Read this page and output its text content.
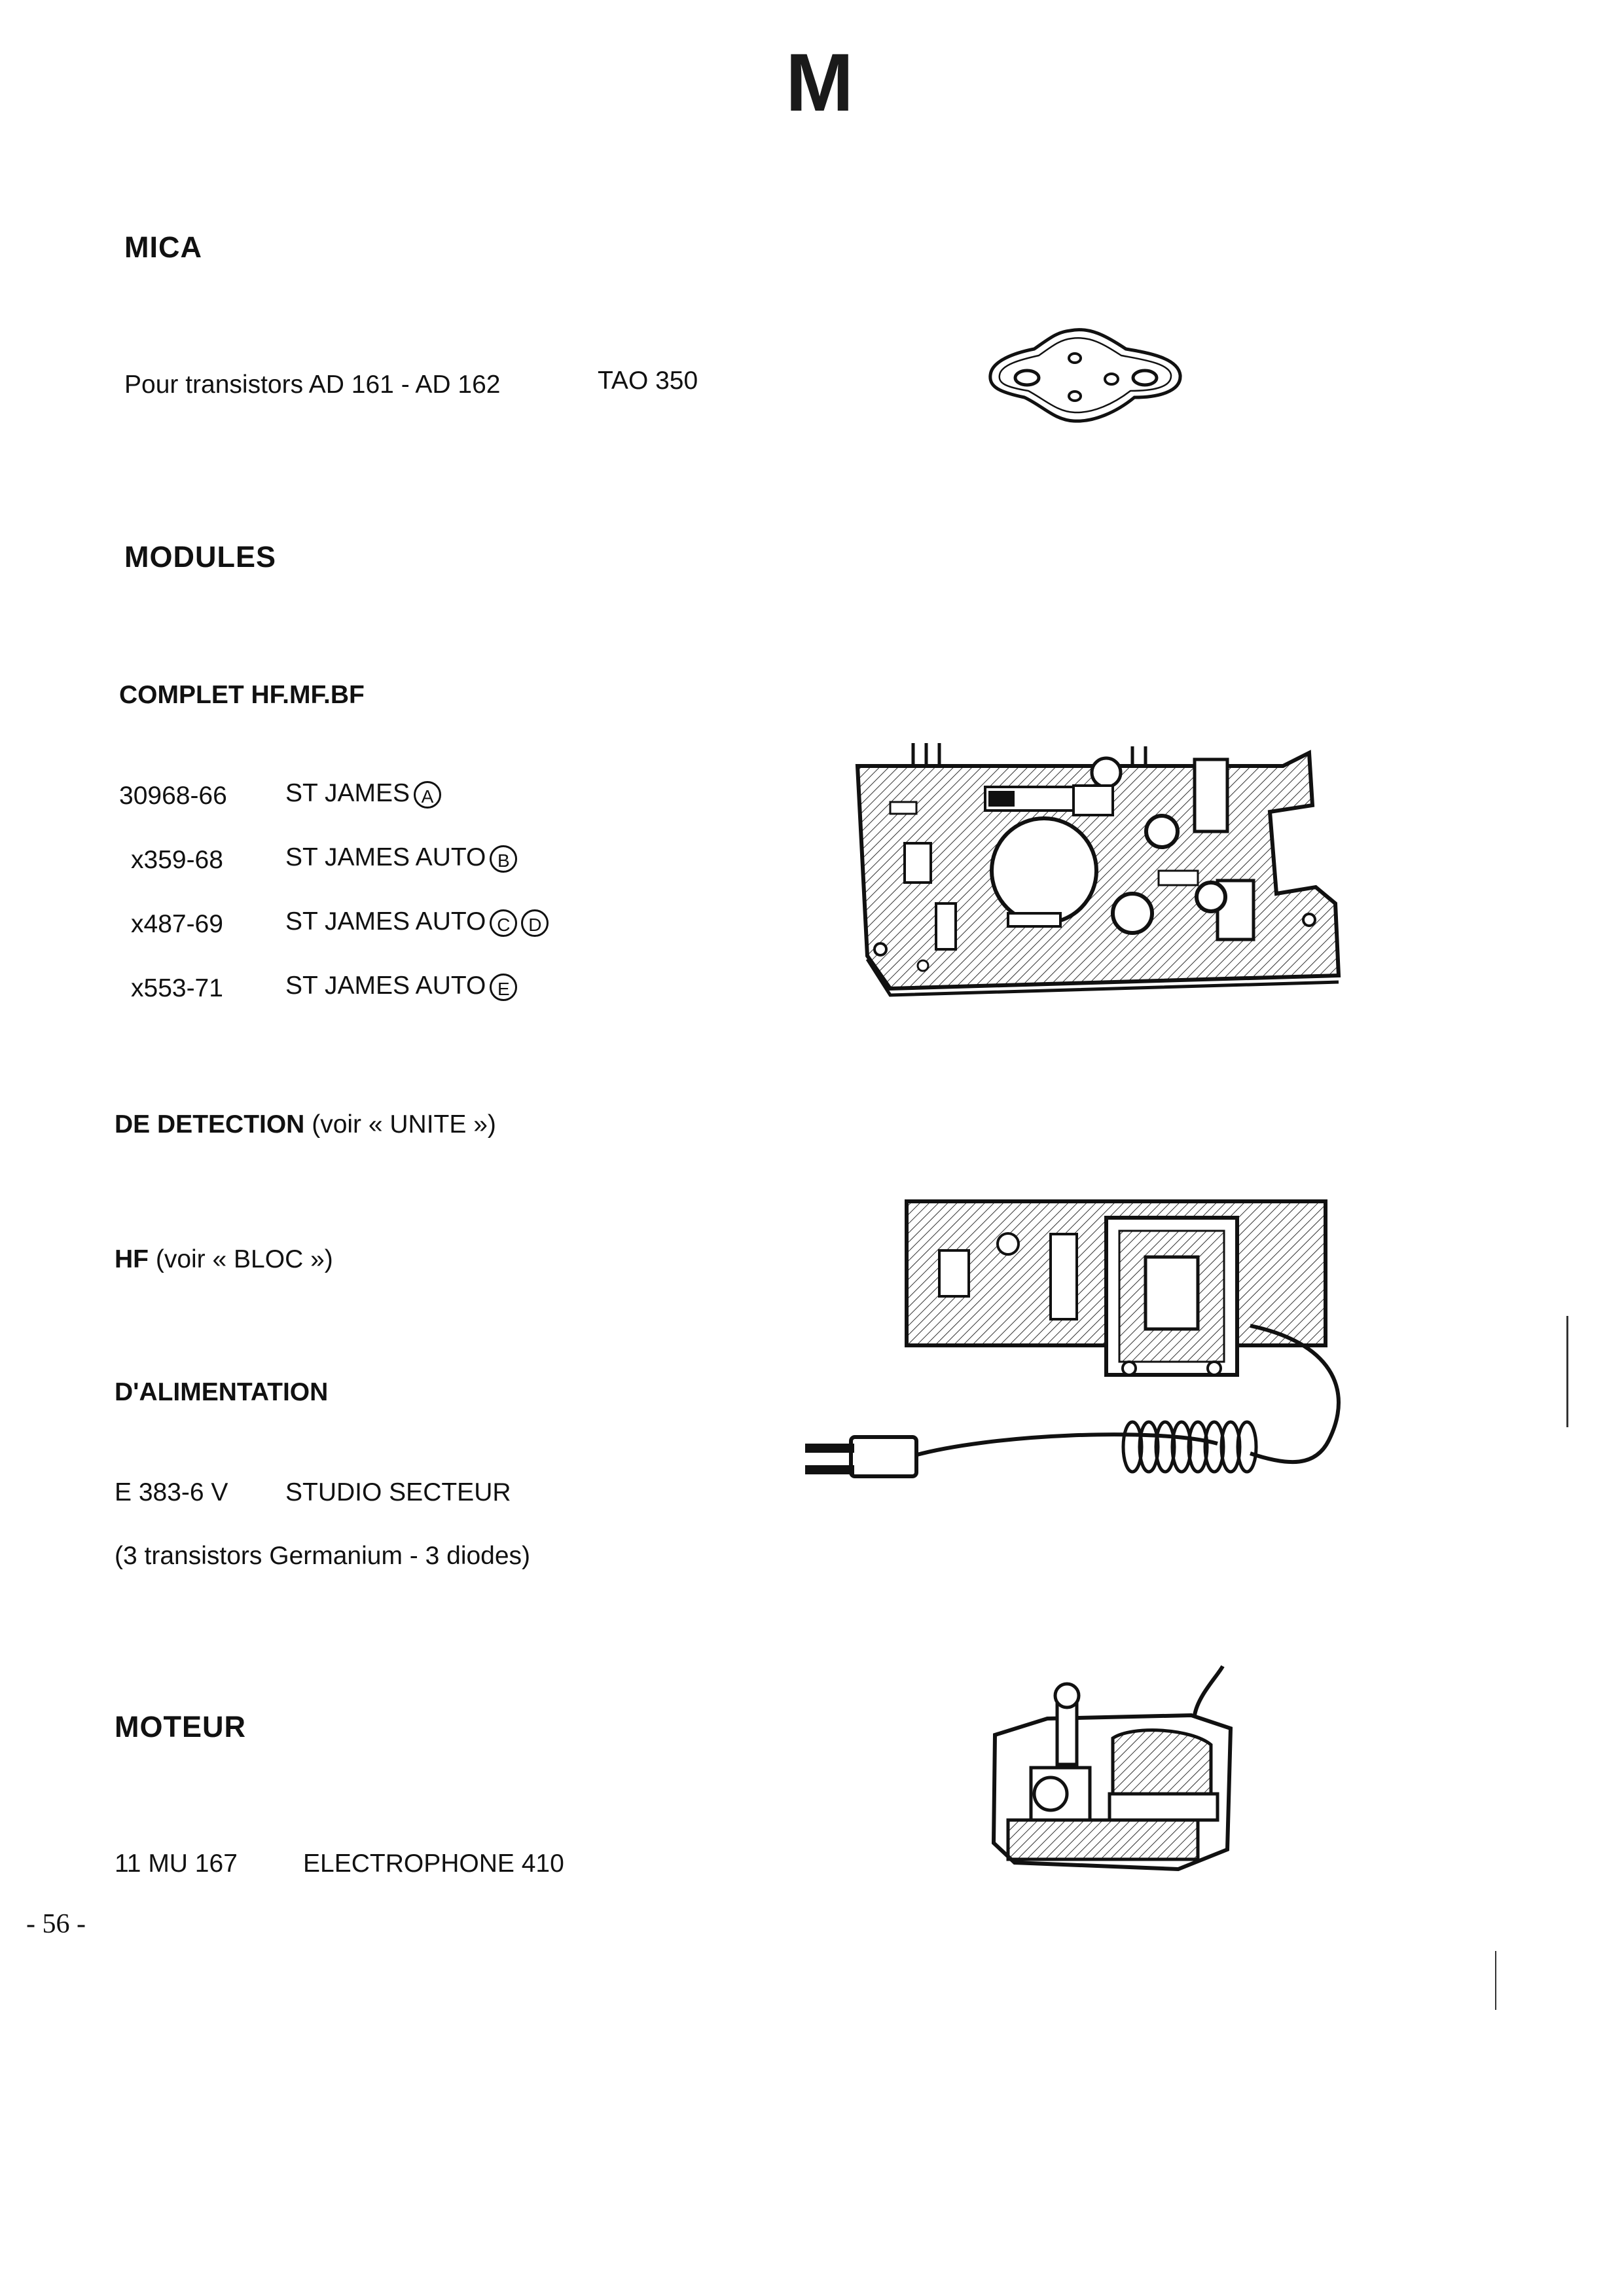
M
MICA
Pour transistors AD 161 - AD 162	TAO 350
MODULES
COMPLET HF.MF.BF
30968-66 ST JAMES A
x359-68 ST JAMES AUTO B
x487-69 ST JAMES AUTO C D
x553-71 ST JAMES AUTO E
DE DETECTION (voir « UNITE »)
HF (voir « BLOC »)
D'ALIMENTATION
E 383-6 V STUDIO SECTEUR
(3 transistors Germanium - 3 diodes)
MOTEUR
11 MU 167	ELECTROPHONE 410
- 56 -
